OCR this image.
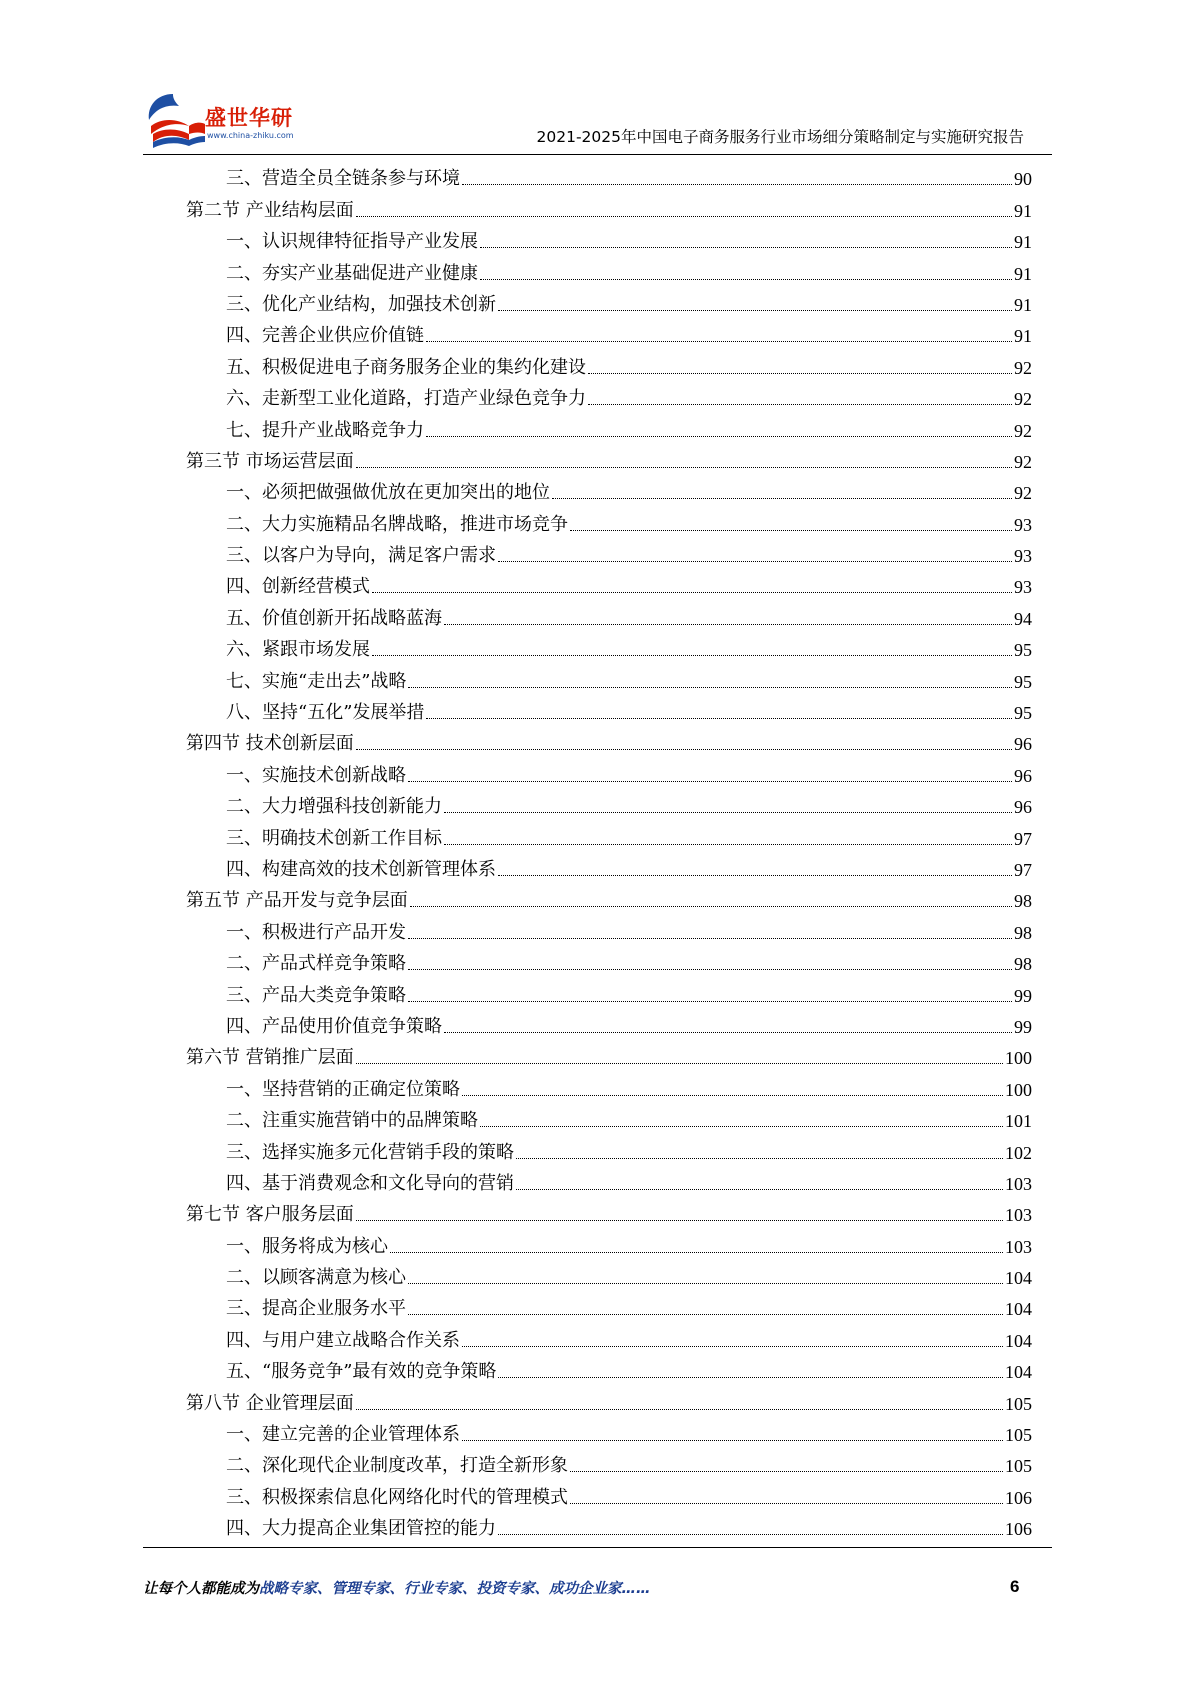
盛世华研
www.china-zhiku.com	2021-2025年中国电子商务服务行业市场细分策略制定与实施研究报告
三、营造全员全链条参与环境	90
第二节 产业结构层面	91
一、认识规律特征指导产业发展	91
二、夯实产业基础促进产业健康	91
三、优化产业结构，加强技术创新	91
四、完善企业供应价值链	91
五、积极促进电子商务服务企业的集约化建设	92
六、走新型工业化道路，打造产业绿色竞争力	92
七、提升产业战略竞争力	92
第三节 市场运营层面	92
一、必须把做强做优放在更加突出的地位	92
二、大力实施精品名牌战略，推进市场竞争	93
三、以客户为导向，满足客户需求	93
四、创新经营模式	93
五、价值创新开拓战略蓝海	94
六、紧跟市场发展	95
七、实施“走出去”战略	95
八、坚持“五化”发展举措	95
第四节 技术创新层面	96
一、实施技术创新战略	96
二、大力增强科技创新能力	96
三、明确技术创新工作目标	97
四、构建高效的技术创新管理体系	97
第五节 产品开发与竞争层面	98
一、积极进行产品开发	98
二、产品式样竞争策略	98
三、产品大类竞争策略	99
四、产品使用价值竞争策略	99
第六节 营销推广层面	100
一、坚持营销的正确定位策略	100
二、注重实施营销中的品牌策略	101
三、选择实施多元化营销手段的策略	102
四、基于消费观念和文化导向的营销	103
第七节 客户服务层面	103
一、服务将成为核心	103
二、以顾客满意为核心	104
三、提高企业服务水平	104
四、与用户建立战略合作关系	104
五、“服务竞争”最有效的竞争策略	104
第八节 企业管理层面	105
一、建立完善的企业管理体系	105
二、深化现代企业制度改革，打造全新形象	105
三、积极探索信息化网络化时代的管理模式	106
四、大力提高企业集团管控的能力	106
让每个人都能成为战略专家、管理专家、行业专家、投资专家、成功企业家……	6
